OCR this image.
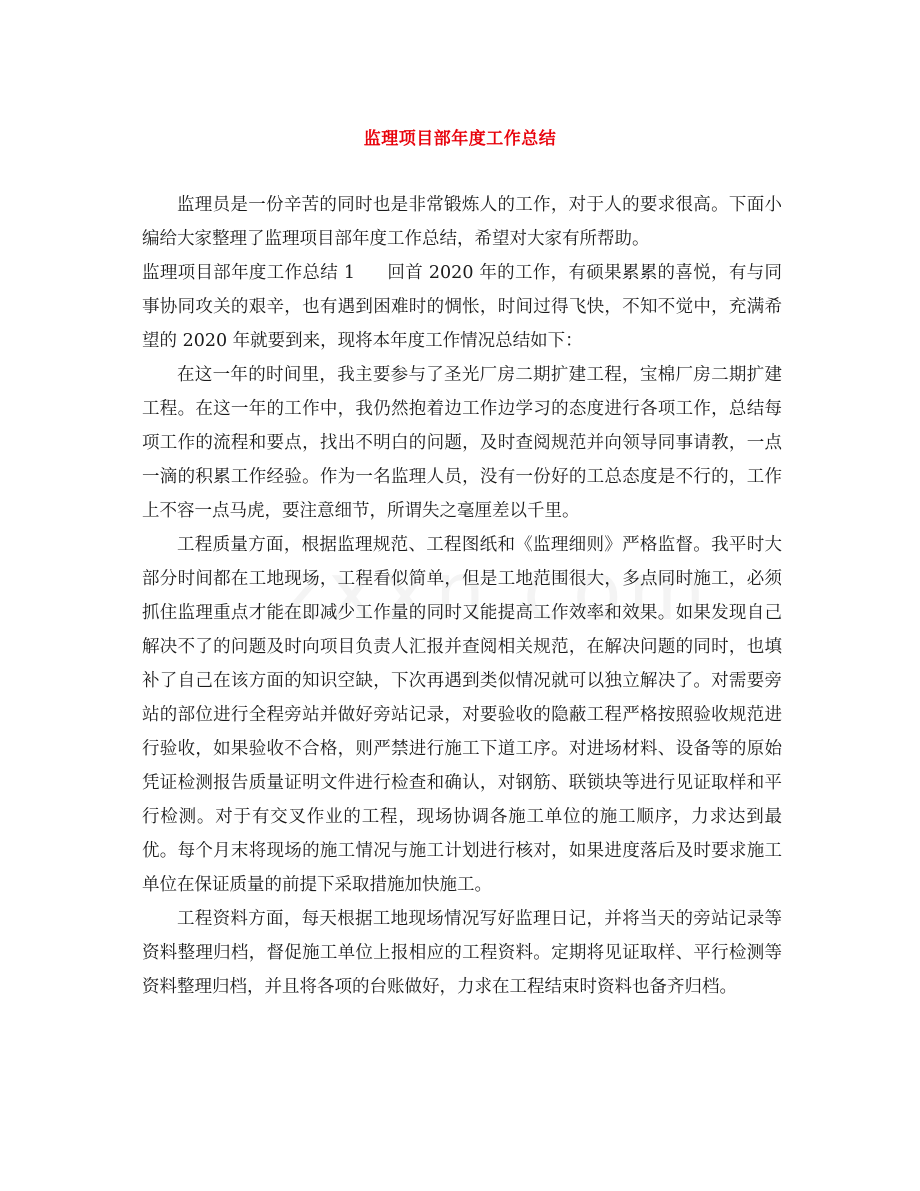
监理项目部年度工作总结

监理员是一份辛苦的同时也是非常锻炼人的工作，对于人的要求很高。下面小编给大家整理了监理项目部年度工作总结，希望对大家有所帮助。

监理项目部年度工作总结 1 回首 2020 年的工作，有硕果累累的喜悦，有与同事协同攻关的艰辛，也有遇到困难时的惆怅，时间过得飞快，不知不觉中，充满希望的 2020 年就要到来，现将本年度工作情况总结如下：

在这一年的时间里，我主要参与了圣光厂房二期扩建工程，宝棉厂房二期扩建工程。在这一年的工作中，我仍然抱着边工作边学习的态度进行各项工作，总结每项工作的流程和要点，找出不明白的问题，及时查阅规范并向领导同事请教，一点一滴的积累工作经验。作为一名监理人员，没有一份好的工总态度是不行的，工作上不容一点马虎，要注意细节，所谓失之毫厘差以千里。

工程质量方面，根据监理规范、工程图纸和《监理细则》严格监督。我平时大部分时间都在工地现场，工程看似简单，但是工地范围很大，多点同时施工，必须抓住监理重点才能在即减少工作量的同时又能提高工作效率和效果。如果发现自己解决不了的问题及时向项目负责人汇报并查阅相关规范，在解决问题的同时，也填补了自己在该方面的知识空缺，下次再遇到类似情况就可以独立解决了。对需要旁站的部位进行全程旁站并做好旁站记录，对要验收的隐蔽工程严格按照验收规范进行验收，如果验收不合格，则严禁进行施工下道工序。对进场材料、设备等的原始凭证检测报告质量证明文件进行检查和确认，对钢筋、联锁块等进行见证取样和平行检测。对于有交叉作业的工程，现场协调各施工单位的施工顺序，力求达到最优。每个月末将现场的施工情况与施工计划进行核对，如果进度落后及时要求施工单位在保证质量的前提下采取措施加快施工。

工程资料方面，每天根据工地现场情况写好监理日记，并将当天的旁站记录等资料整理归档，督促施工单位上报相应的工程资料。定期将见证取样、平行检测等资料整理归档，并且将各项的台账做好，力求在工程结束时资料也备齐归档。
